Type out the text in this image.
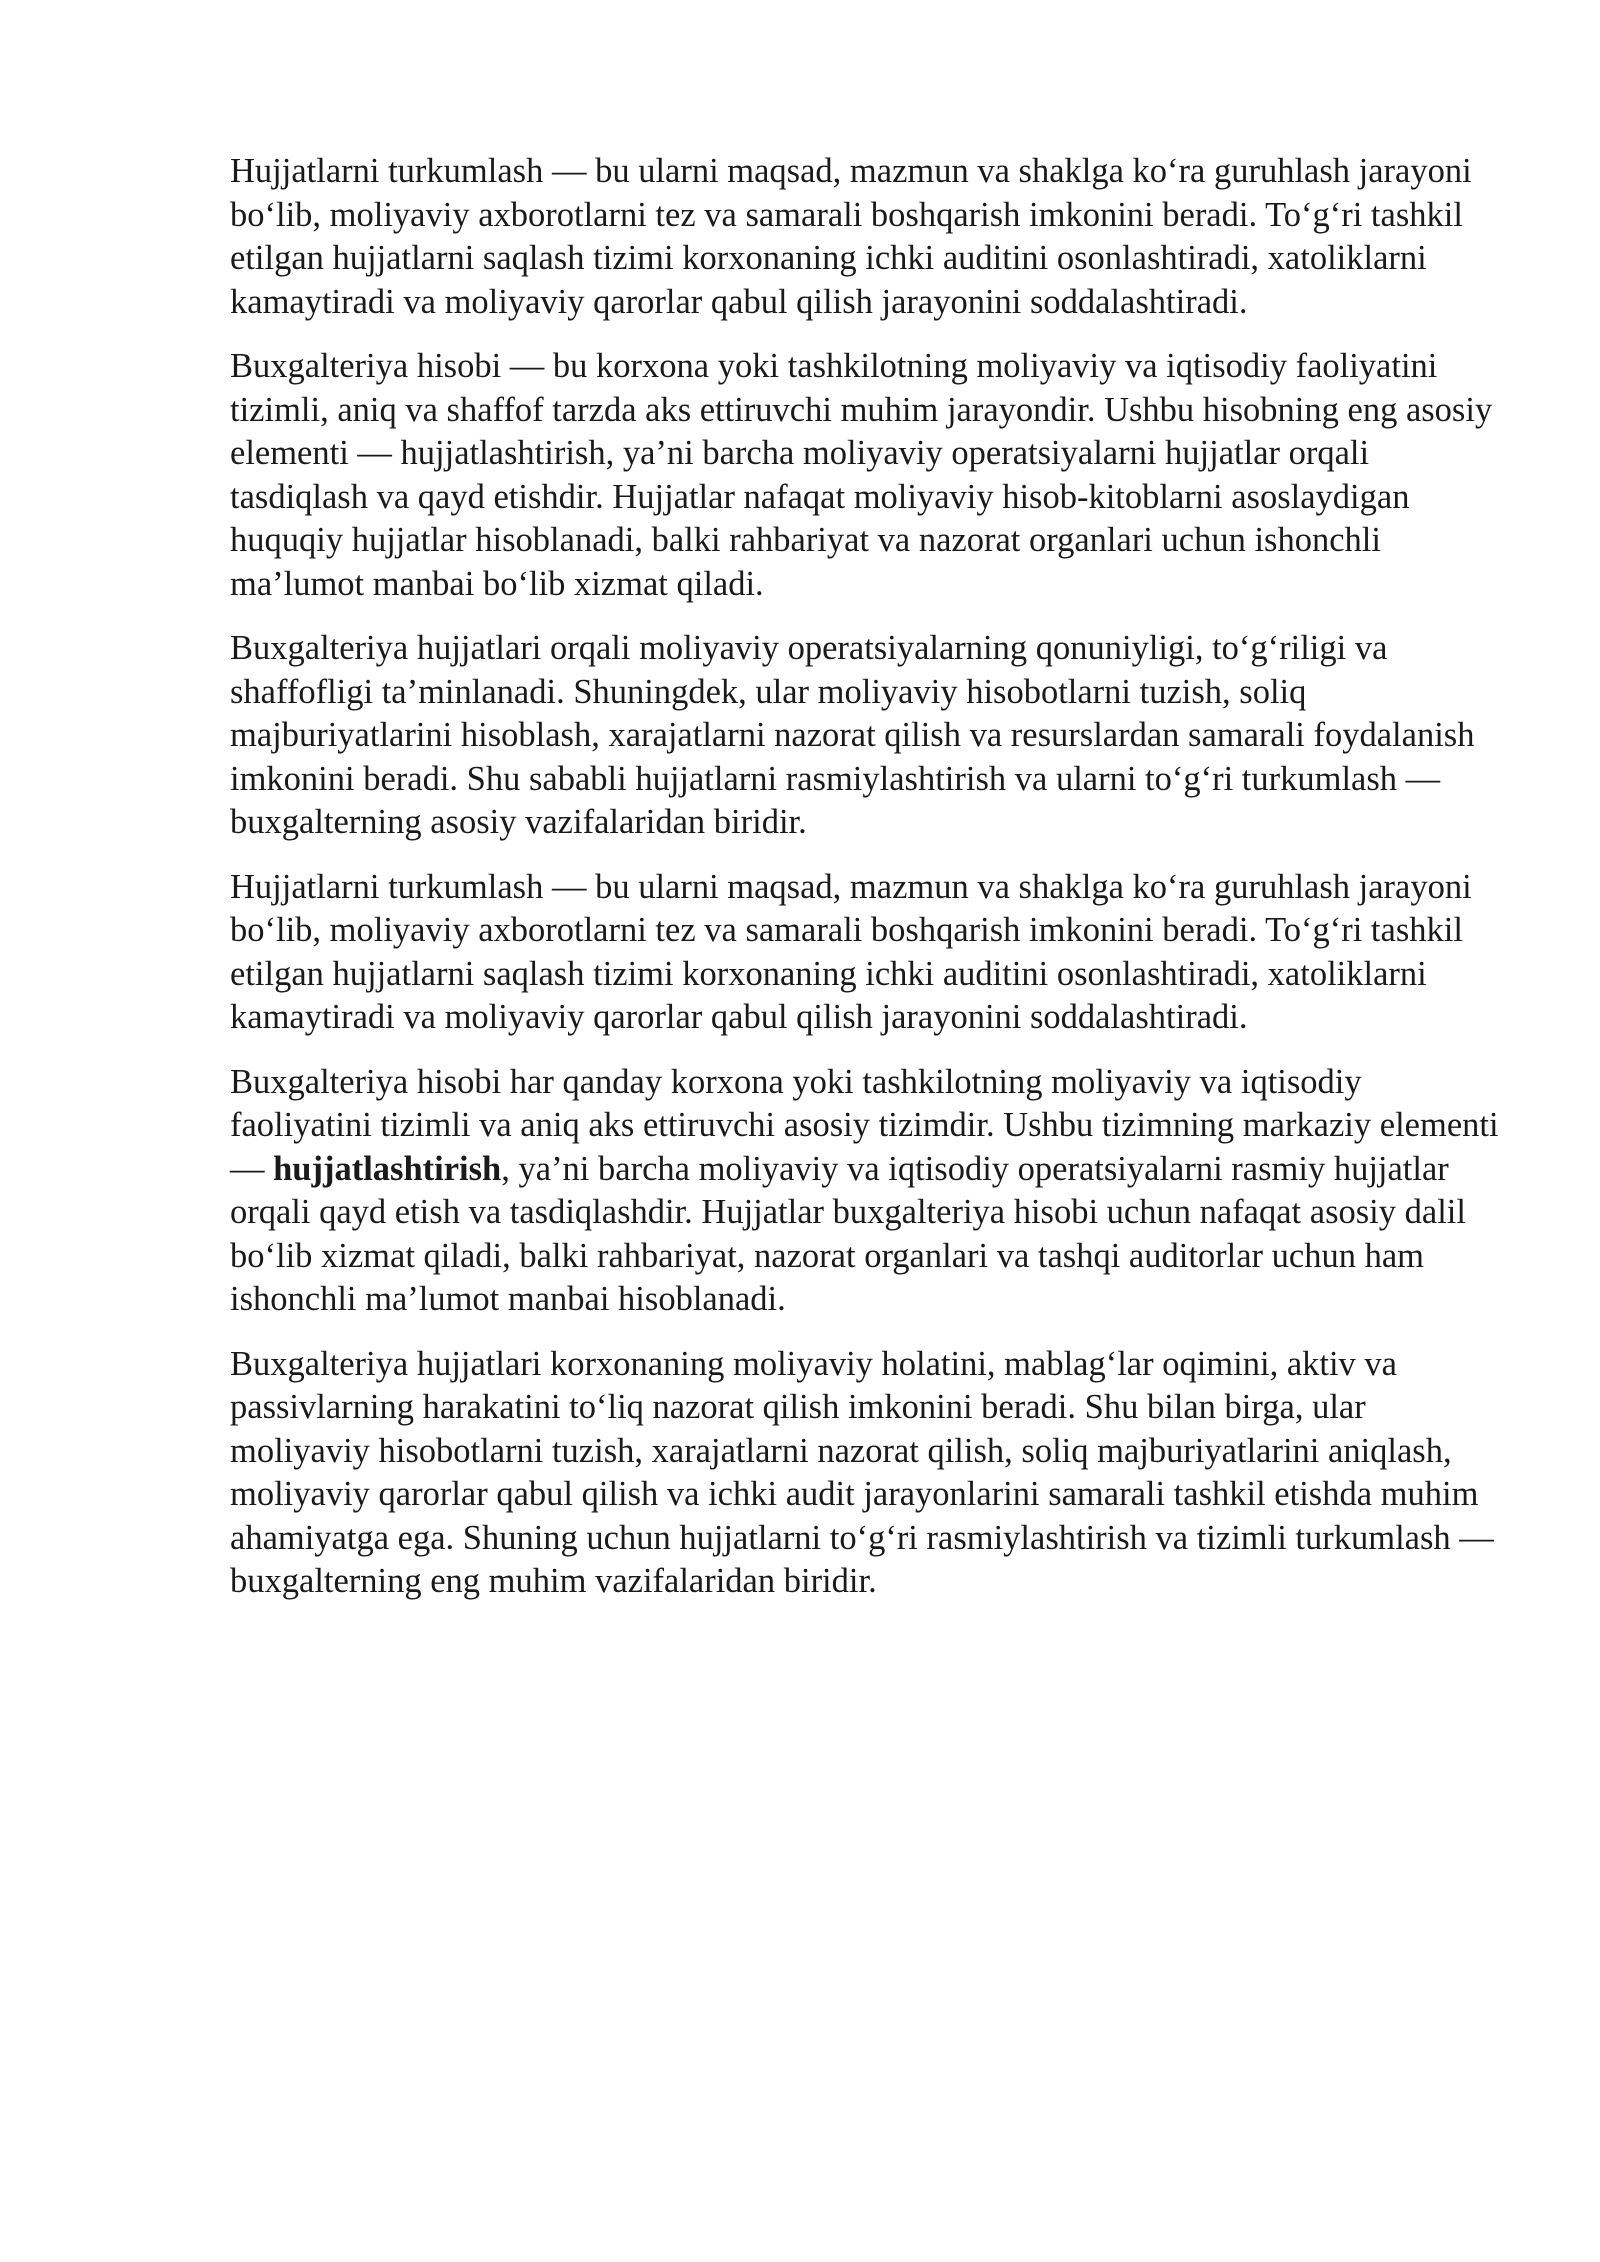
Hujjatlarni turkumlash — bu ularni maqsad, mazmun va shaklga koʻra guruhlash jarayoni boʻlib, moliyaviy axborotlarni tez va samarali boshqarish imkonini beradi. Toʻgʻri tashkil etilgan hujjatlarni saqlash tizimi korxonaning ichki auditini osonlashtiradi, xatoliklarni kamaytiradi va moliyaviy qarorlar qabul qilish jarayonini soddalashtiradi.

Buxgalteriya hisobi — bu korxona yoki tashkilotning moliyaviy va iqtisodiy faoliyatini tizimli, aniq va shaffof tarzda aks ettiruvchi muhim jarayondir. Ushbu hisobning eng asosiy elementi — hujjatlashtirish, ya’ni barcha moliyaviy operatsiyalarni hujjatlar orqali tasdiqlash va qayd etishdir. Hujjatlar nafaqat moliyaviy hisob-kitoblarni asoslaydigan huquqiy hujjatlar hisoblanadi, balki rahbariyat va nazorat organlari uchun ishonchli ma’lumot manbai boʻlib xizmat qiladi.

Buxgalteriya hujjatlari orqali moliyaviy operatsiyalarning qonuniyligi, toʻgʻriligi va shaffofligi ta’minlanadi. Shuningdek, ular moliyaviy hisobotlarni tuzish, soliq majburiyatlarini hisoblash, xarajatlarni nazorat qilish va resurslardan samarali foydalanish imkonini beradi. Shu sababli hujjatlarni rasmiylashtirish va ularni toʻgʻri turkumlash — buxgalterning asosiy vazifalaridan biridir.

Hujjatlarni turkumlash — bu ularni maqsad, mazmun va shaklga koʻra guruhlash jarayoni boʻlib, moliyaviy axborotlarni tez va samarali boshqarish imkonini beradi. Toʻgʻri tashkil etilgan hujjatlarni saqlash tizimi korxonaning ichki auditini osonlashtiradi, xatoliklarni kamaytiradi va moliyaviy qarorlar qabul qilish jarayonini soddalashtiradi.

Buxgalteriya hisobi har qanday korxona yoki tashkilotning moliyaviy va iqtisodiy faoliyatini tizimli va aniq aks ettiruvchi asosiy tizimdir. Ushbu tizimning markaziy elementi — hujjatlashtirish, ya’ni barcha moliyaviy va iqtisodiy operatsiyalarni rasmiy hujjatlar orqali qayd etish va tasdiqlashdir. Hujjatlar buxgalteriya hisobi uchun nafaqat asosiy dalil boʻlib xizmat qiladi, balki rahbariyat, nazorat organlari va tashqi auditorlar uchun ham ishonchli ma’lumot manbai hisoblanadi.

Buxgalteriya hujjatlari korxonaning moliyaviy holatini, mablagʻlar oqimini, aktiv va passivlarning harakatini toʻliq nazorat qilish imkonini beradi. Shu bilan birga, ular moliyaviy hisobotlarni tuzish, xarajatlarni nazorat qilish, soliq majburiyatlarini aniqlash, moliyaviy qarorlar qabul qilish va ichki audit jarayonlarini samarali tashkil etishda muhim ahamiyatga ega. Shuning uchun hujjatlarni toʻgʻri rasmiylashtirish va tizimli turkumlash — buxgalterning eng muhim vazifalaridan biridir.
